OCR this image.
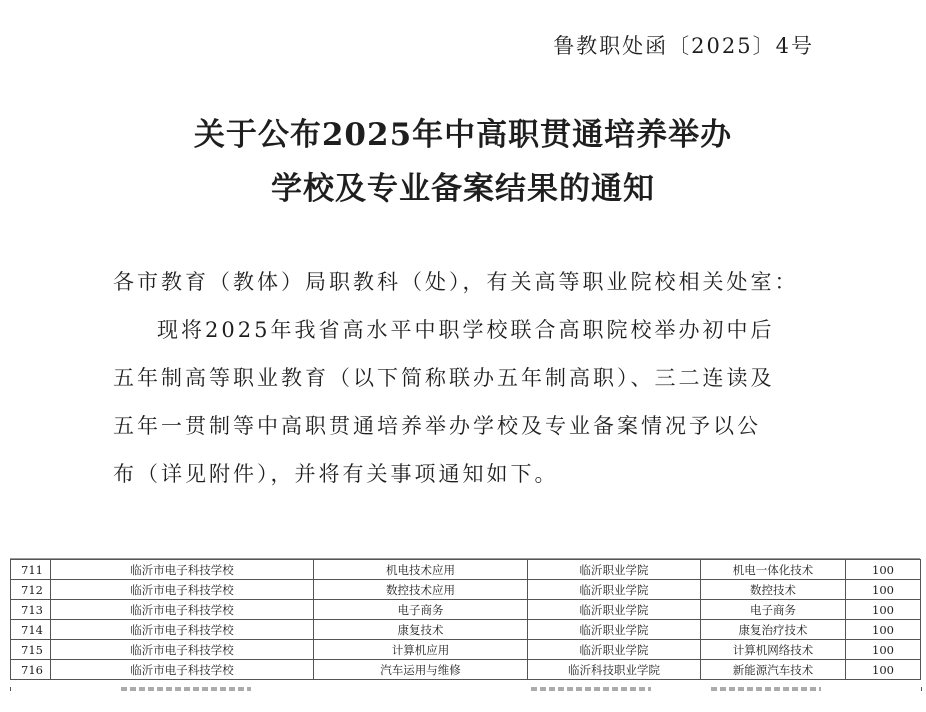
鲁教职处函〔2025〕4号
关于公布2025年中高职贯通培养举办
学校及专业备案结果的通知
各市教育（教体）局职教科（处），有关高等职业院校相关处室：
现将2025年我省高水平中职学校联合高职院校举办初中后
五年制高等职业教育（以下简称联办五年制高职）、三二连读及
五年一贯制等中高职贯通培养举办学校及专业备案情况予以公
布（详见附件），并将有关事项通知如下。
711	临沂市电子科技学校	机电技术应用	临沂职业学院	机电一体化技术	100
712	临沂市电子科技学校	数控技术应用	临沂职业学院	数控技术	100
713	临沂市电子科技学校	电子商务	临沂职业学院	电子商务	100
714	临沂市电子科技学校	康复技术	临沂职业学院	康复治疗技术	100
715	临沂市电子科技学校	计算机应用	临沂职业学院	计算机网络技术	100
716	临沂市电子科技学校	汽车运用与维修	临沂科技职业学院	新能源汽车技术	100
